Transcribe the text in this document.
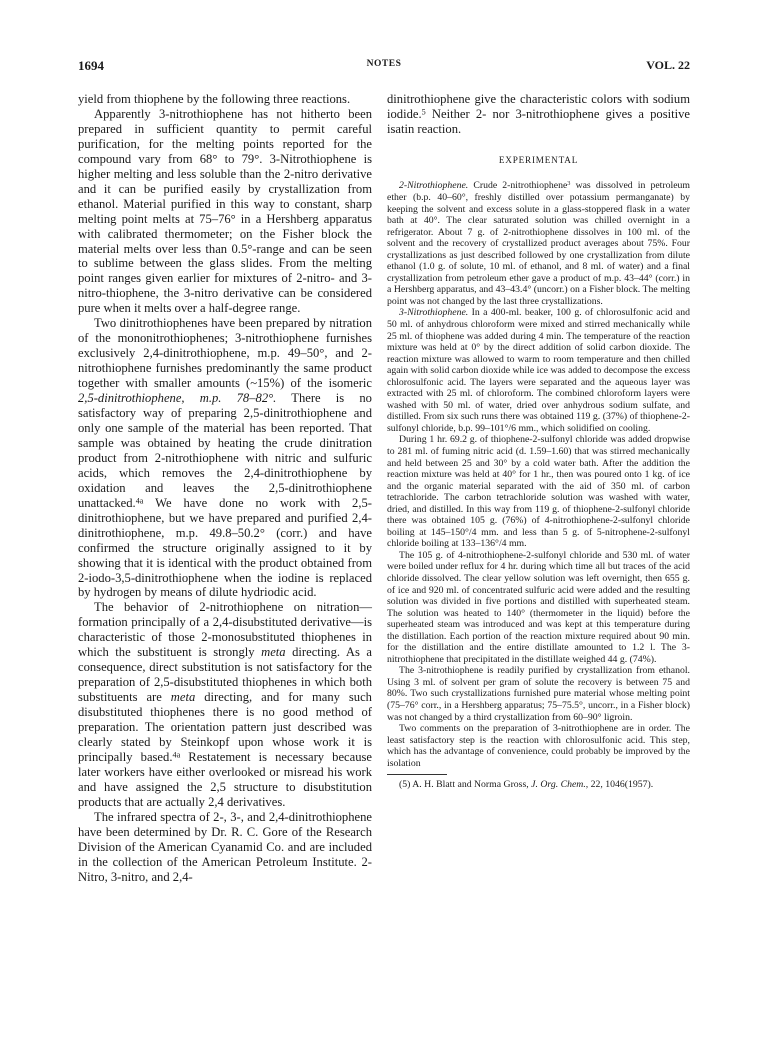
1694	NOTES	VOL. 22

yield from thiophene by the following three reactions.

Apparently 3-nitrothiophene has not hitherto been prepared in sufficient quantity to permit careful purification, for the melting points reported for the compound vary from 68° to 79°. 3-Nitrothiophene is higher melting and less soluble than the 2-nitro derivative and it can be purified easily by crystallization from ethanol. Material purified in this way to constant, sharp melting point melts at 75–76° in a Hershberg apparatus with calibrated thermometer; on the Fisher block the material melts over less than 0.5°-range and can be seen to sublime between the glass slides. From the melting point ranges given earlier for mixtures of 2-nitro- and 3-nitro-thiophene, the 3-nitro derivative can be considered pure when it melts over a half-degree range.

Two dinitrothiophenes have been prepared by nitration of the mononitrothiophenes; 3-nitrothiophene furnishes exclusively 2,4-dinitrothiophene, m.p. 49–50°, and 2-nitrothiophene furnishes predominantly the same product together with smaller amounts (~15%) of the isomeric 2,5-dinitrothiophene, m.p. 78–82°. There is no satisfactory way of preparing 2,5-dinitrothiophene and only one sample of the material has been reported. That sample was obtained by heating the crude dinitration product from 2-nitrothiophene with nitric and sulfuric acids, which removes the 2,4-dinitrothiophene by oxidation and leaves the 2,5-dinitrothiophene unattacked.$^{4a}$ We have done no work with 2,5-dinitrothiophene, but we have prepared and purified 2,4-dinitrothiophene, m.p. 49.8–50.2° (corr.) and have confirmed the structure originally assigned to it by showing that it is identical with the product obtained from 2-iodo-3,5-dinitrothiophene when the iodine is replaced by hydrogen by means of dilute hydriodic acid.

The behavior of 2-nitrothiophene on nitration—formation principally of a 2,4-disubstituted derivative—is characteristic of those 2-monosubstituted thiophenes in which the substituent is strongly meta directing. As a consequence, direct substitution is not satisfactory for the preparation of 2,5-disubstituted thiophenes in which both substituents are meta directing, and for many such disubstituted thiophenes there is no good method of preparation. The orientation pattern just described was clearly stated by Steinkopf upon whose work it is principally based.$^{4a}$ Restatement is necessary because later workers have either overlooked or misread his work and have assigned the 2,5 structure to disubstitution products that are actually 2,4 derivatives.

The infrared spectra of 2-, 3-, and 2,4-dinitrothiophene have been determined by Dr. R. C. Gore of the Research Division of the American Cyanamid Co. and are included in the collection of the American Petroleum Institute. 2-Nitro, 3-nitro, and 2,4-

dinitrothiophene give the characteristic colors with sodium iodide.$^5$ Neither 2- nor 3-nitrothiophene gives a positive isatin reaction.

EXPERIMENTAL

2-Nitrothiophene. Crude 2-nitrothiophene$^3$ was dissolved in petroleum ether (b.p. 40–60°, freshly distilled over potassium permanganate) by keeping the solvent and excess solute in a glass-stoppered flask in a water bath at 40°. The clear saturated solution was chilled overnight in a refrigerator. About 7 g. of 2-nitrothiophene dissolves in 100 ml. of the solvent and the recovery of crystallized product averages about 75%. Four crystallizations as just described followed by one crystallization from dilute ethanol (1.0 g. of solute, 10 ml. of ethanol, and 8 ml. of water) and a final crystallization from petroleum ether gave a product of m.p. 43–44° (corr.) in a Hershberg apparatus, and 43–43.4° (uncorr.) on a Fisher block. The melting point was not changed by the last three crystallizations.

3-Nitrothiophene. In a 400-ml. beaker, 100 g. of chlorosulfonic acid and 50 ml. of anhydrous chloroform were mixed and stirred mechanically while 25 ml. of thiophene was added during 4 min. The temperature of the reaction mixture was held at 0° by the direct addition of solid carbon dioxide. The reaction mixture was allowed to warm to room temperature and then chilled again with solid carbon dioxide while ice was added to decompose the excess chlorosulfonic acid. The layers were separated and the aqueous layer was extracted with 25 ml. of chloroform. The combined chloroform layers were washed with 50 ml. of water, dried over anhydrous sodium sulfate, and distilled. From six such runs there was obtained 119 g. (37%) of thiophene-2-sulfonyl chloride, b.p. 99–101°/6 mm., which solidified on cooling.

During 1 hr. 69.2 g. of thiophene-2-sulfonyl chloride was added dropwise to 281 ml. of fuming nitric acid (d. 1.59–1.60) that was stirred mechanically and held between 25 and 30° by a cold water bath. After the addition the reaction mixture was held at 40° for 1 hr., then was poured onto 1 kg. of ice and the organic material separated with the aid of 350 ml. of carbon tetrachloride. The carbon tetrachloride solution was washed with water, dried, and distilled. In this way from 119 g. of thiophene-2-sulfonyl chloride there was obtained 105 g. (76%) of 4-nitrothiophene-2-sulfonyl chloride boiling at 145–150°/4 mm. and less than 5 g. of 5-nitrophene-2-sulfonyl chloride boiling at 133–136°/4 mm.

The 105 g. of 4-nitrothiophene-2-sulfonyl chloride and 530 ml. of water were boiled under reflux for 4 hr. during which time all but traces of the acid chloride dissolved. The clear yellow solution was left overnight, then 655 g. of ice and 920 ml. of concentrated sulfuric acid were added and the resulting solution was divided in five portions and distilled with superheated steam. The solution was heated to 140° (thermometer in the liquid) before the superheated steam was introduced and was kept at this temperature during the distillation. Each portion of the reaction mixture required about 90 min. for the distillation and the entire distillate amounted to 1.2 l. The 3-nitrothiophene that precipitated in the distillate weighed 44 g. (74%).

The 3-nitrothiophene is readily purified by crystallization from ethanol. Using 3 ml. of solvent per gram of solute the recovery is between 75 and 80%. Two such crystallizations furnished pure material whose melting point (75–76° corr., in a Hershberg apparatus; 75–75.5°, uncorr., in a Fisher block) was not changed by a third crystallization from 60–90° ligroin.

Two comments on the preparation of 3-nitrothiophene are in order. The least satisfactory step is the reaction with chlorosulfonic acid. This step, which has the advantage of convenience, could probably be improved by the isolation

(5) A. H. Blatt and Norma Gross, J. Org. Chem., 22, 1046(1957).
